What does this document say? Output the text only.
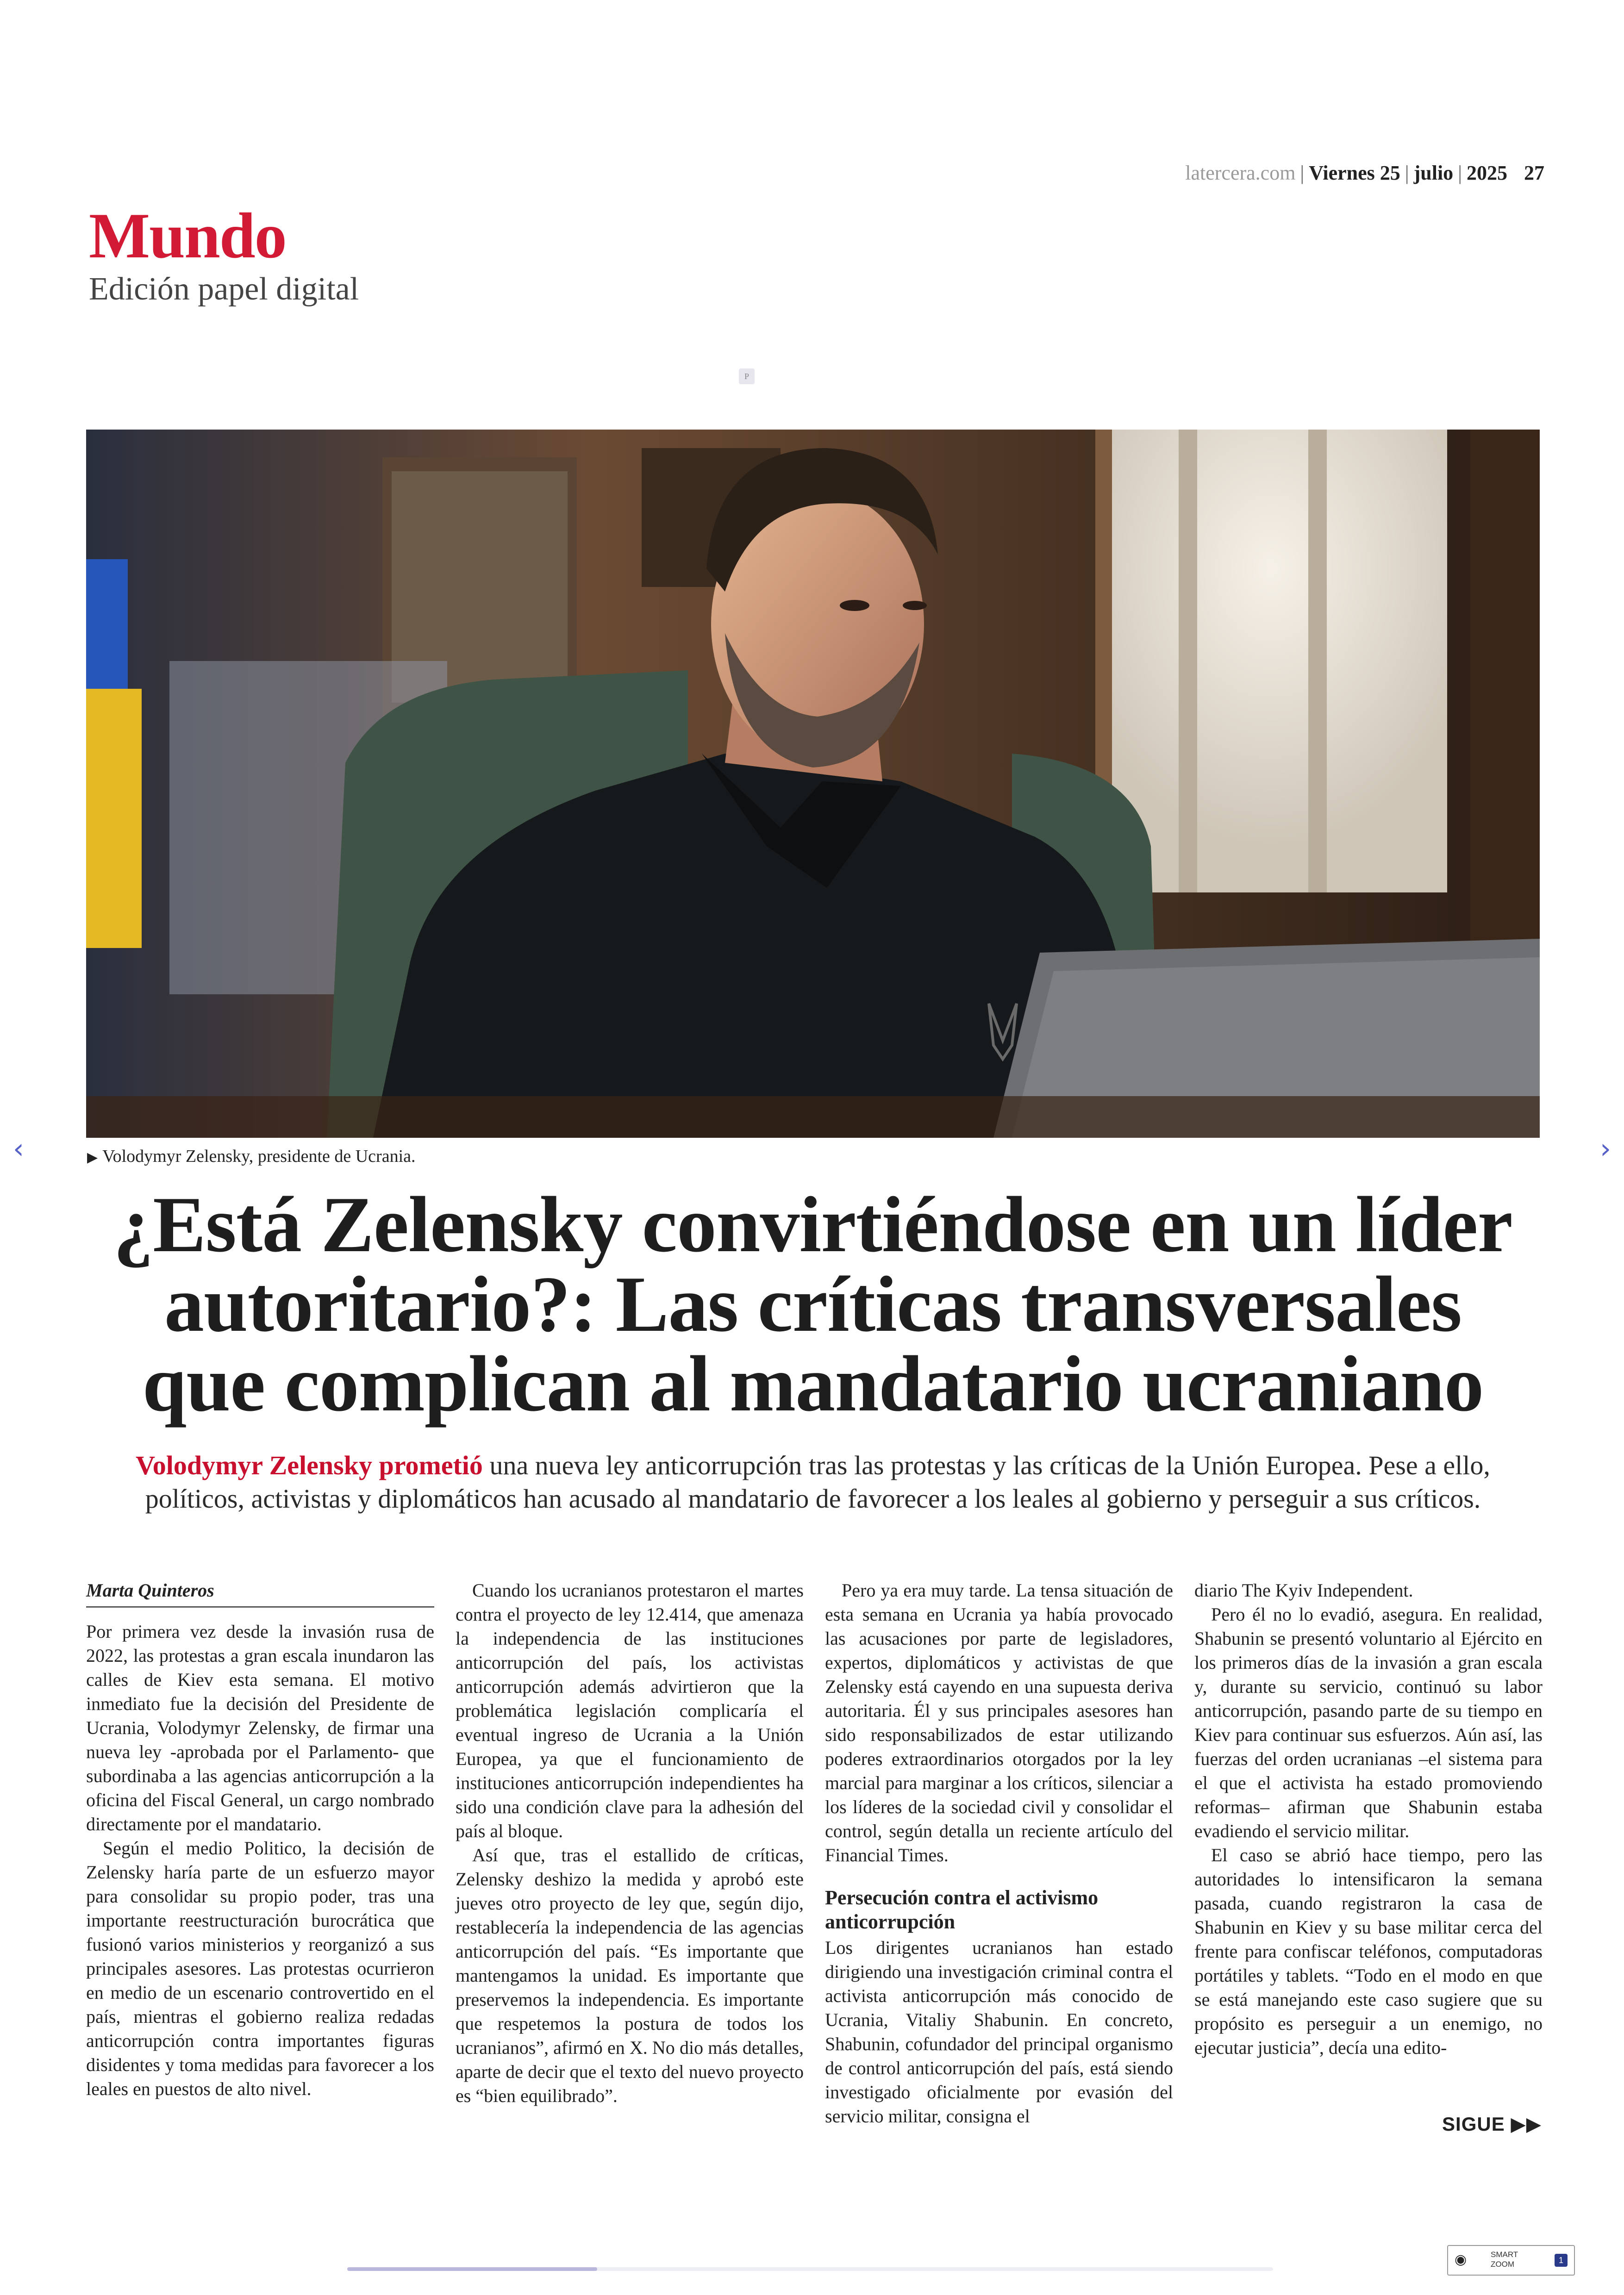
latercera.com | Viernes 25 | julio | 2025 27
Mundo
Edición papel digital
P
▶ Volodymyr Zelensky, presidente de Ucrania.
‹	›
¿Está Zelensky convirtiéndose en un líder
autoritario?: Las críticas transversales
que complican al mandatario ucraniano
Volodymyr Zelensky prometió una nueva ley anticorrupción tras las protestas y las críticas de la Unión Europea. Pese a ello,
políticos, activistas y diplomáticos han acusado al mandatario de favorecer a los leales al gobierno y perseguir a sus críticos.
Marta Quinteros

Por primera vez desde la invasión rusa de 2022, las protestas a gran escala inundaron las calles de Kiev esta semana. El motivo inmediato fue la decisión del Presidente de Ucrania, Volodymyr Zelensky, de firmar una nueva ley -aprobada por el Parlamento- que subordinaba a las agencias anticorrupción a la oficina del Fiscal General, un cargo nombrado directamente por el mandatario.

Según el medio Politico, la decisión de Zelensky haría parte de un esfuerzo mayor para consolidar su propio poder, tras una importante reestructuración burocrática que fusionó varios ministerios y reorganizó a sus principales asesores. Las protestas ocurrieron en medio de un escenario controvertido en el país, mientras el gobierno realiza redadas anticorrupción contra importantes figuras disidentes y toma medidas para favorecer a los leales en puestos de alto nivel.

Cuando los ucranianos protestaron el martes contra el proyecto de ley 12.414, que amenaza la independencia de las instituciones anticorrupción del país, los activistas anticorrupción además advirtieron que la problemática legislación complicaría el eventual ingreso de Ucrania a la Unión Europea, ya que el funcionamiento de instituciones anticorrupción independientes ha sido una condición clave para la adhesión del país al bloque.

Así que, tras el estallido de críticas, Zelensky deshizo la medida y aprobó este jueves otro proyecto de ley que, según dijo, restablecería la independencia de las agencias anticorrupción del país. “Es importante que mantengamos la unidad. Es importante que preservemos la independencia. Es importante que respetemos la postura de todos los ucranianos”, afirmó en X. No dio más detalles, aparte de decir que el texto del nuevo proyecto es “bien equilibrado”.

Pero ya era muy tarde. La tensa situación de esta semana en Ucrania ya había provocado las acusaciones por parte de legisladores, expertos, diplomáticos y activistas de que Zelensky está cayendo en una supuesta deriva autoritaria. Él y sus principales asesores han sido responsabilizados de estar utilizando poderes extraordinarios otorgados por la ley marcial para marginar a los críticos, silenciar a los líderes de la sociedad civil y consolidar el control, según detalla un reciente artículo del Financial Times.

Persecución contra el activismo anticorrupción

Los dirigentes ucranianos han estado dirigiendo una investigación criminal contra el activista anticorrupción más conocido de Ucrania, Vitaliy Shabunin. En concreto, Shabunin, cofundador del principal organismo de control anticorrupción del país, está siendo investigado oficialmente por evasión del servicio militar, consigna el

diario The Kyiv Independent.

Pero él no lo evadió, asegura. En realidad, Shabunin se presentó voluntario al Ejército en los primeros días de la invasión a gran escala y, durante su servicio, continuó su labor anticorrupción, pasando parte de su tiempo en Kiev para continuar sus esfuerzos. Aún así, las fuerzas del orden ucranianas –el sistema para el que el activista ha estado promoviendo reformas– afirman que Shabunin estaba evadiendo el servicio militar.

El caso se abrió hace tiempo, pero las autoridades lo intensificaron la semana pasada, cuando registraron la casa de Shabunin en Kiev y su base militar cerca del frente para confiscar teléfonos, computadoras portátiles y tablets. “Todo en el modo en que se está manejando este caso sugiere que su propósito es perseguir a un enemigo, no ejecutar justicia”, decía una edito-

SIGUE ▶▶
◉	SMART
ZOOM	1
